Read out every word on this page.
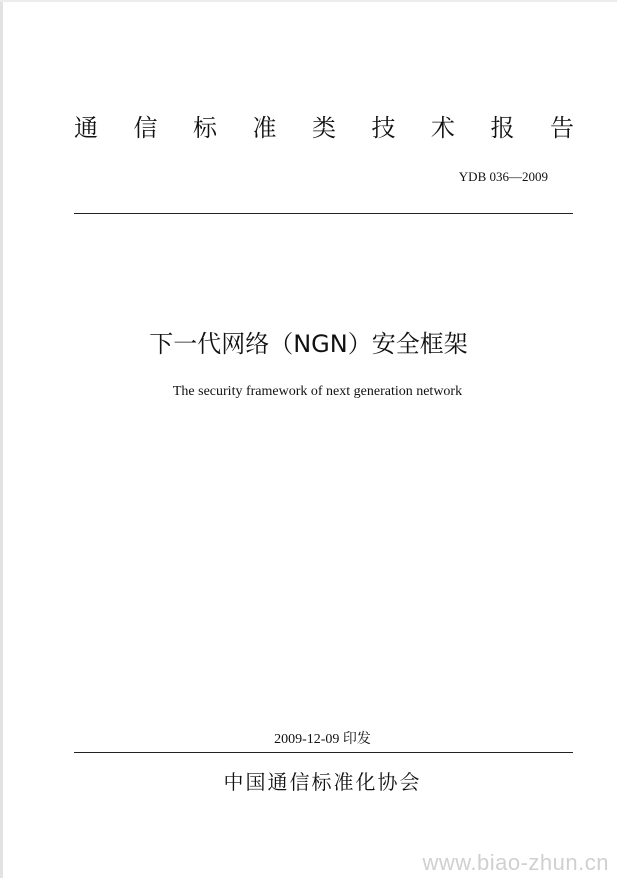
通 信 标 准 类 技 术 报 告
YDB 036—2009
下一代网络（NGN）安全框架
The security framework of next generation network
2009-12-09 印发
中国通信标准化协会
www.biao-zhun.cn
